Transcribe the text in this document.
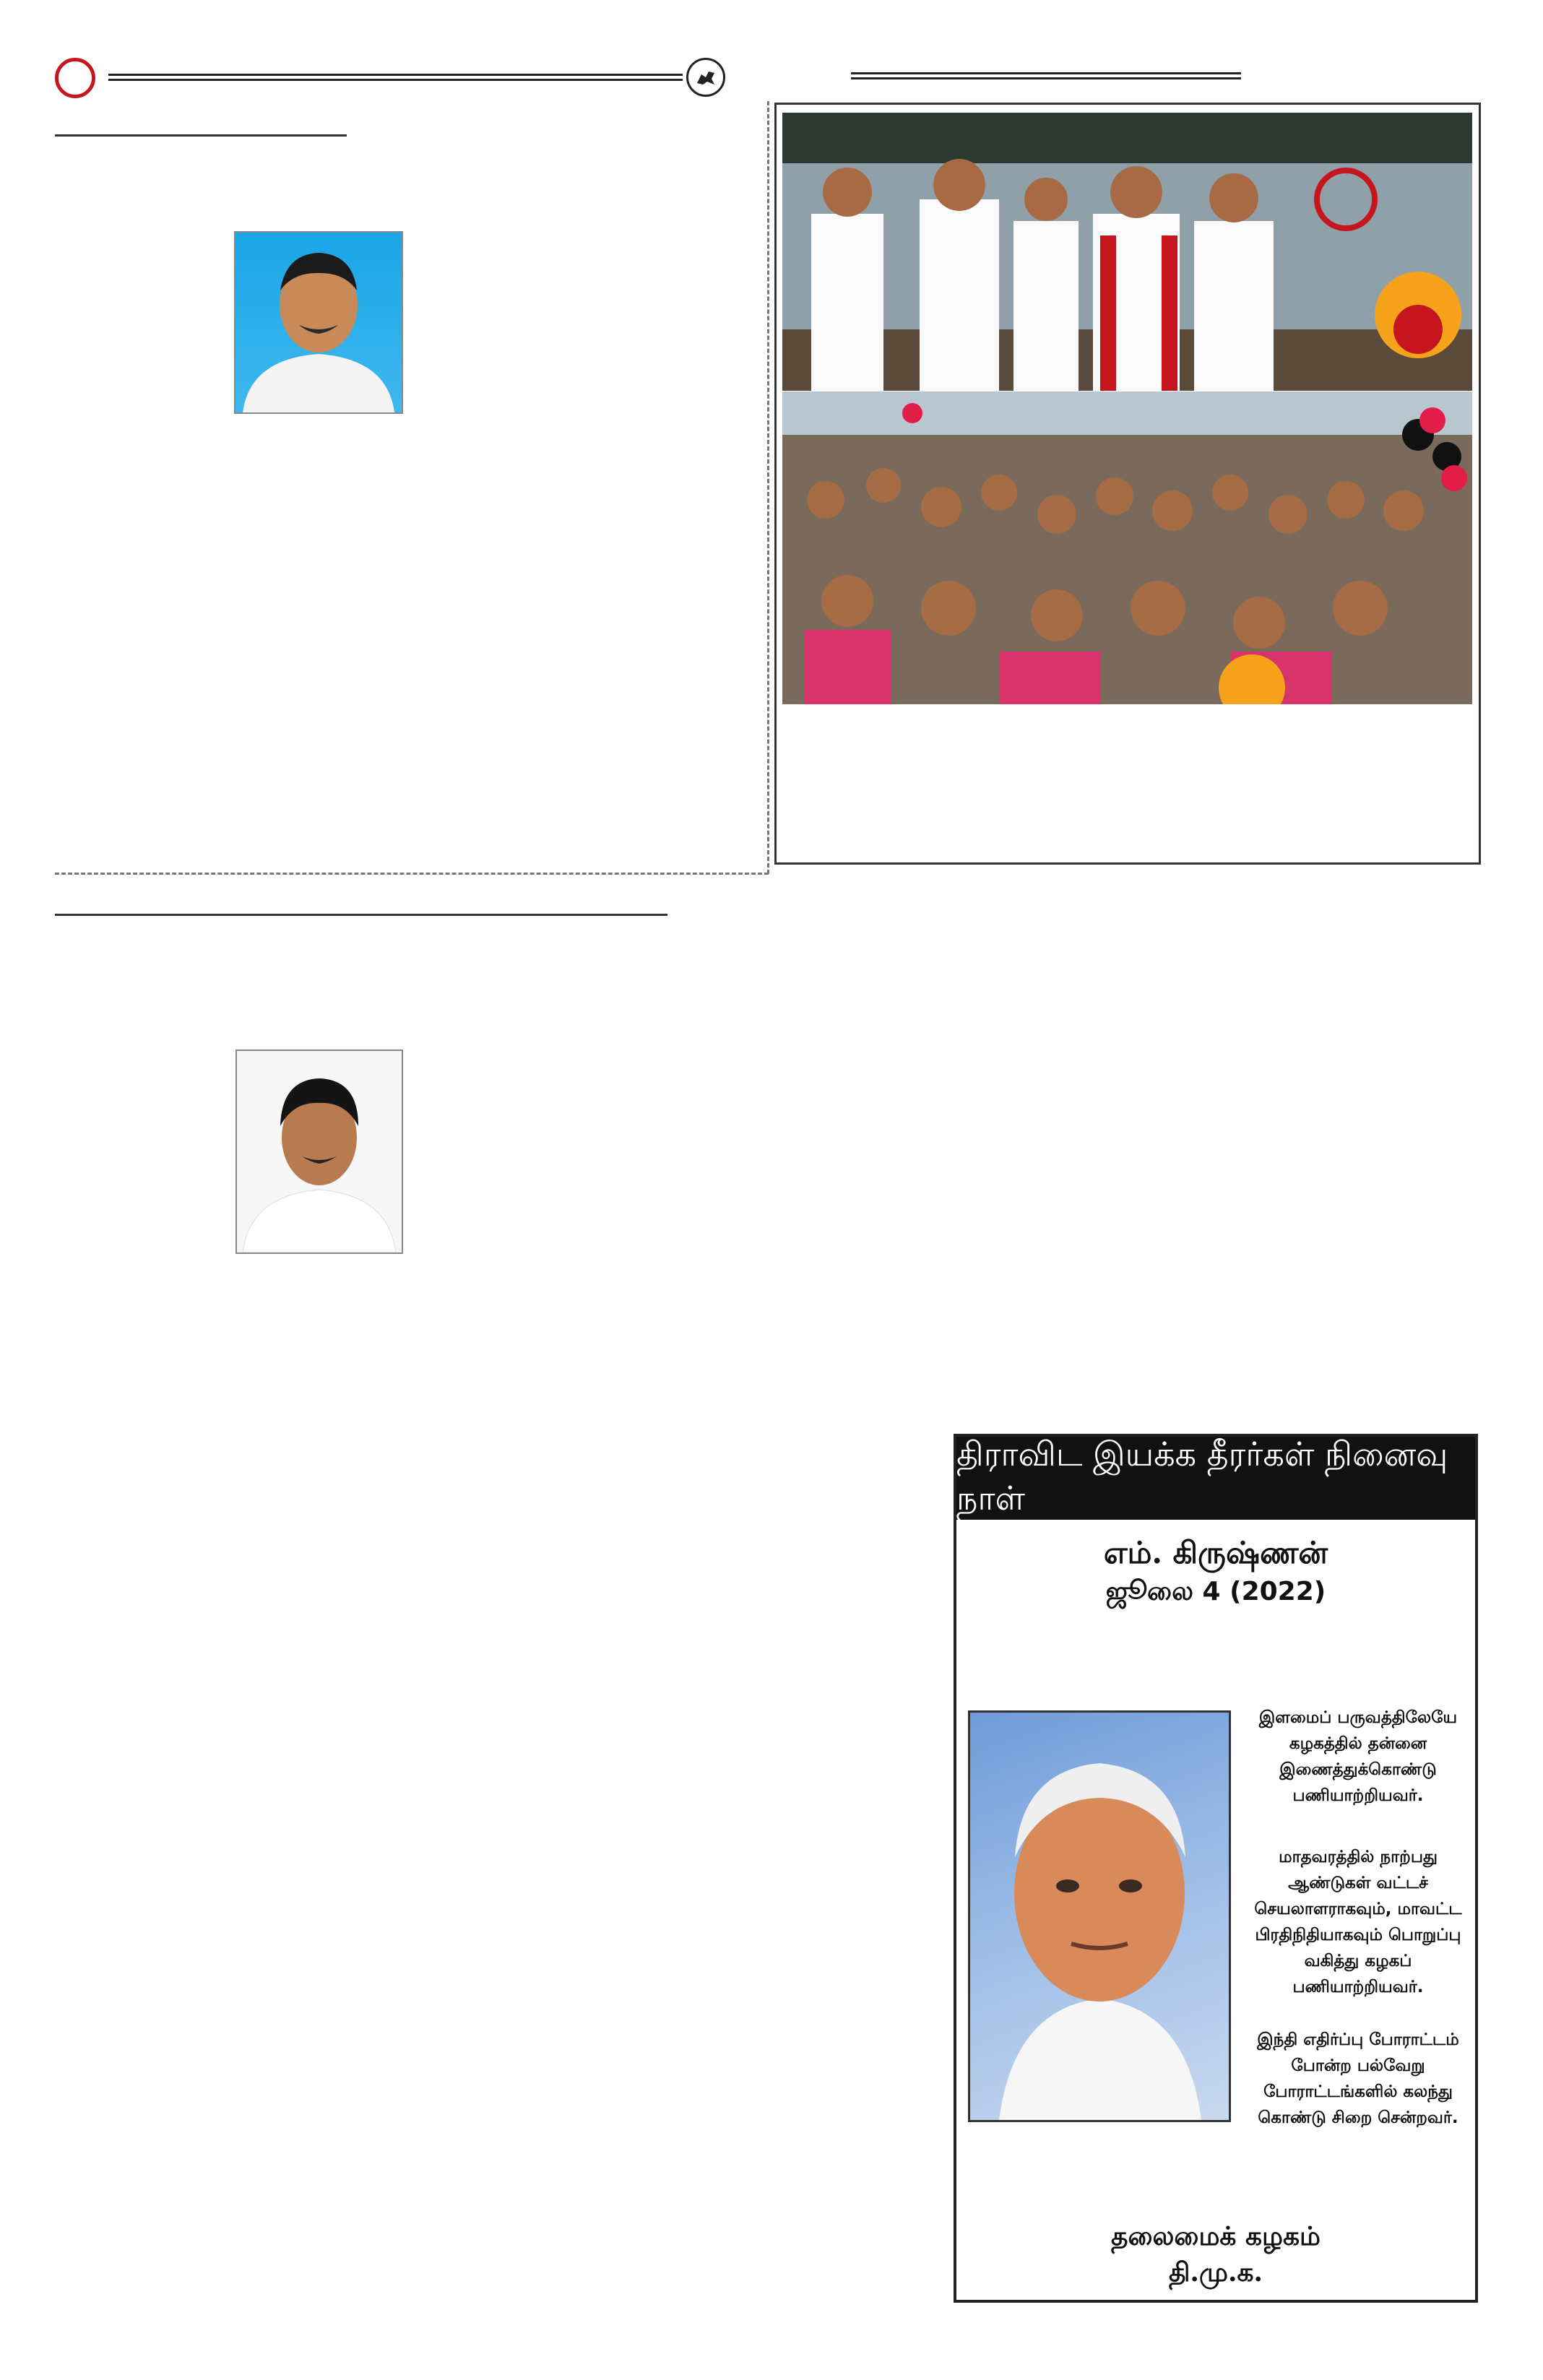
திராவிட இயக்க தீரர்கள் நினைவு நாள்
எம். கிருஷ்ணன்
ஜூலை 4 (2022)
இளமைப் பருவத்திலேயே கழகத்தில் தன்னை இணைத்துக்கொண்டு பணியாற்றியவர்.
மாதவரத்தில் நாற்பது ஆண்டுகள் வட்டச் செயலாளராகவும், மாவட்ட பிரதிநிதியாகவும் பொறுப்பு வகித்து கழகப் பணியாற்றியவர்.
இந்தி எதிர்ப்பு போராட்டம் போன்ற பல்வேறு போராட்டங்களில் கலந்து கொண்டு சிறை சென்றவர்.
தலைமைக் கழகம்
தி.மு.க.
